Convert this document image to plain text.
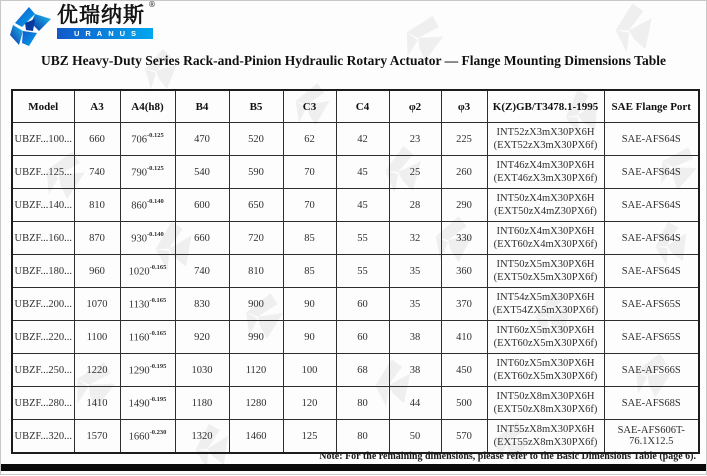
优瑞纳斯 ®
URANUS
UBZ Heavy-Duty Series Rack-and-Pinion Hydraulic Rotary Actuator — Flange Mounting Dimensions Table
Model	A3	A4(h8)	B4	B5	C3	C4	φ2	φ3	K(Z)GB/T3478.1-1995	SAE Flange Port
UBZF...100...	660	$706^{-0.125}$	470	520	62	42	23	225	INT52zX3mX30PX6H
(EXT52zX3mX30PX6f)	SAE-AFS64S
UBZF...125...	740	$790^{-0.125}$	540	590	70	45	25	260	INT46zX4mX30PX6H
(EXT46zX3mX30PX6f)	SAE-AFS64S
UBZF...140...	810	$860^{-0.140}$	600	650	70	45	28	290	INT50zX4mX30PX6H
(EXT50zX4mZ30PX6f)	SAE-AFS64S
UBZF...160...	870	$930^{-0.140}$	660	720	85	55	32	330	INT60zX4mX30PX6H
(EXT60zX4mX30PX6f)	SAE-AFS64S
UBZF...180...	960	$1020^{-0.165}$	740	810	85	55	35	360	INT50zX5mX30PX6H
(EXT50zX5mX30PX6f)	SAE-AFS64S
UBZF...200...	1070	$1130^{-0.165}$	830	900	90	60	35	370	INT54zX5mX30PX6H
(EXT54ZX5mX30PX6f)	SAE-AFS65S
UBZF...220...	1100	$1160^{-0.165}$	920	990	90	60	38	410	INT60zX5mX30PX6H
(EXT60zX5mX30PX6f)	SAE-AFS65S
UBZF...250...	1220	$1290^{-0.195}$	1030	1120	100	68	38	450	INT60zX5mX30PX6H
(EXT60zX5mX30PX6f)	SAE-AFS66S
UBZF...280...	1410	$1490^{-0.195}$	1180	1280	120	80	44	500	INT50zX8mX30PX6H
(EXT50zX8mX30PX6f)	SAE-AFS68S
UBZF...320...	1570	$1660^{-0.230}$	1320	1460	125	80	50	570	INT55zX8mX30PX6H
(EXT55zX8mX30PX6f)	SAE-AFS606T-76.1X12.5
Note: For the remaining dimensions, please refer to the Basic Dimensions Table (page 6).
